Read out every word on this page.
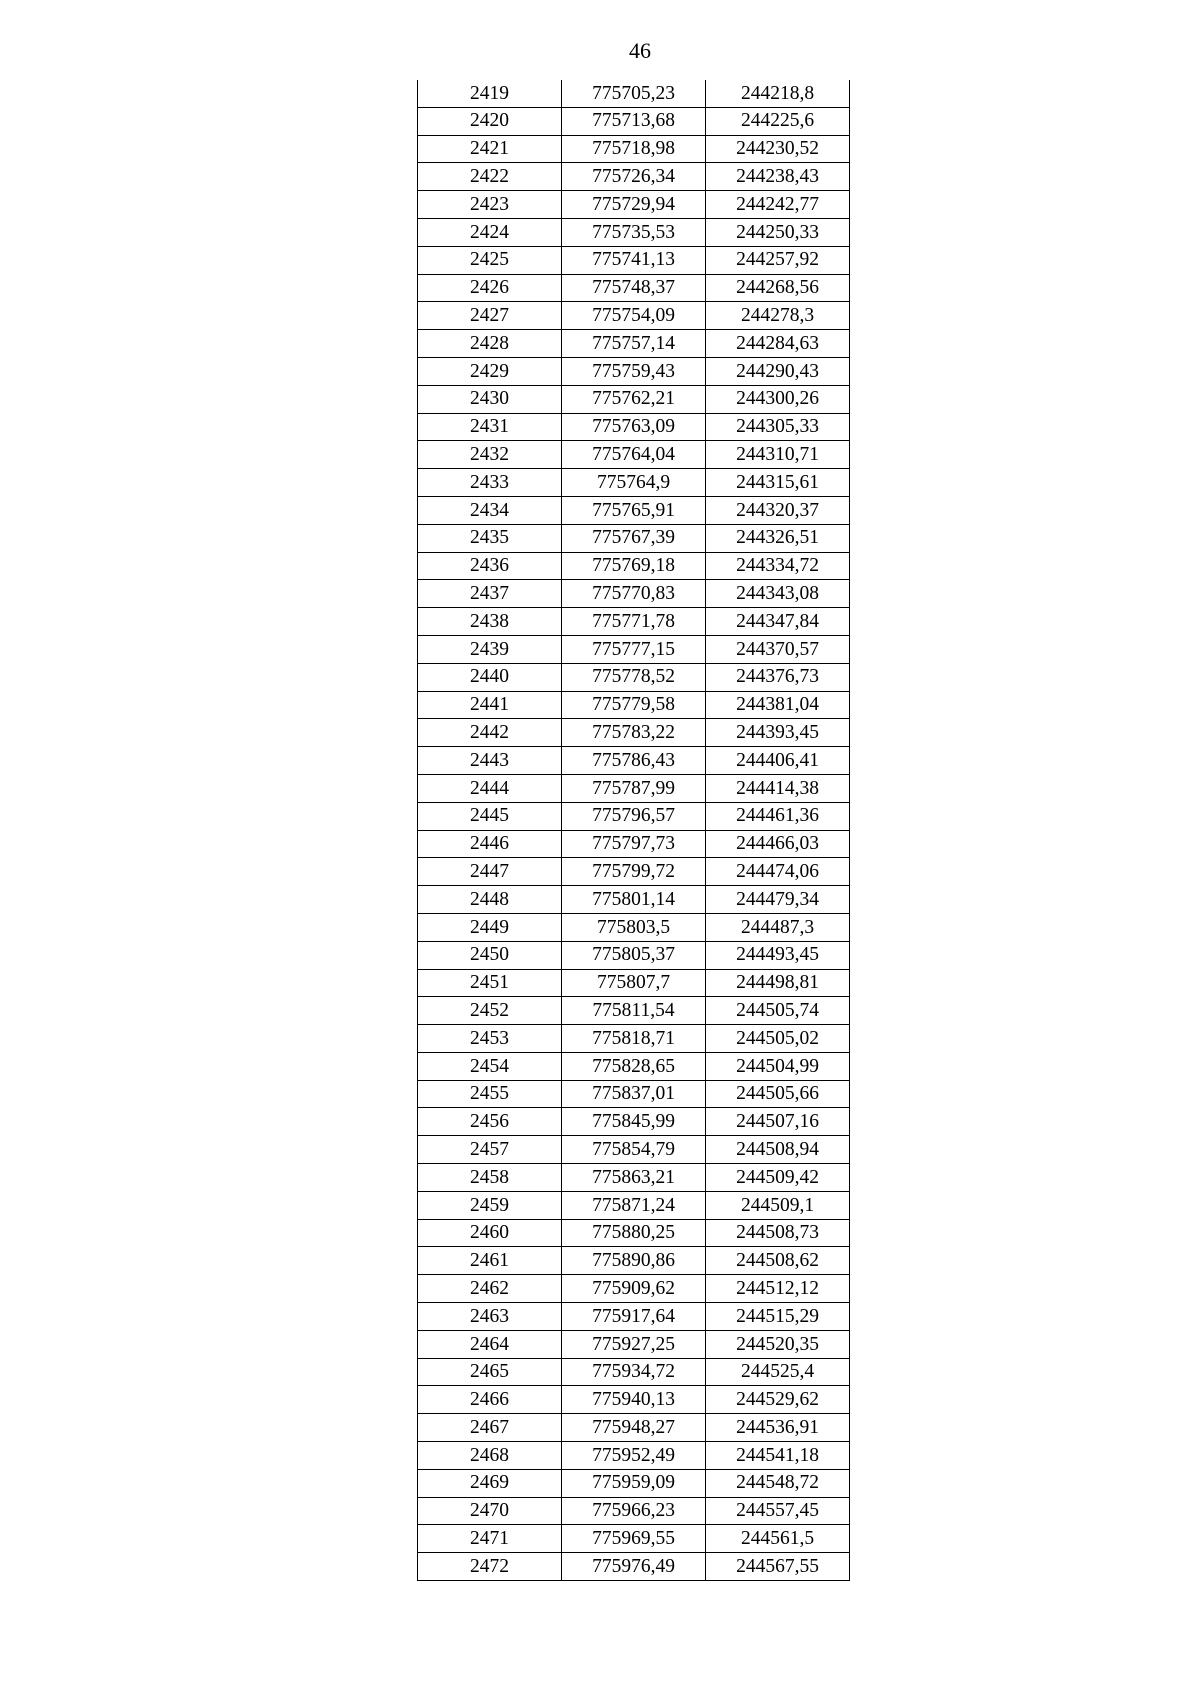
46
2419	775705,23	244218,8
2420	775713,68	244225,6
2421	775718,98	244230,52
2422	775726,34	244238,43
2423	775729,94	244242,77
2424	775735,53	244250,33
2425	775741,13	244257,92
2426	775748,37	244268,56
2427	775754,09	244278,3
2428	775757,14	244284,63
2429	775759,43	244290,43
2430	775762,21	244300,26
2431	775763,09	244305,33
2432	775764,04	244310,71
2433	775764,9	244315,61
2434	775765,91	244320,37
2435	775767,39	244326,51
2436	775769,18	244334,72
2437	775770,83	244343,08
2438	775771,78	244347,84
2439	775777,15	244370,57
2440	775778,52	244376,73
2441	775779,58	244381,04
2442	775783,22	244393,45
2443	775786,43	244406,41
2444	775787,99	244414,38
2445	775796,57	244461,36
2446	775797,73	244466,03
2447	775799,72	244474,06
2448	775801,14	244479,34
2449	775803,5	244487,3
2450	775805,37	244493,45
2451	775807,7	244498,81
2452	775811,54	244505,74
2453	775818,71	244505,02
2454	775828,65	244504,99
2455	775837,01	244505,66
2456	775845,99	244507,16
2457	775854,79	244508,94
2458	775863,21	244509,42
2459	775871,24	244509,1
2460	775880,25	244508,73
2461	775890,86	244508,62
2462	775909,62	244512,12
2463	775917,64	244515,29
2464	775927,25	244520,35
2465	775934,72	244525,4
2466	775940,13	244529,62
2467	775948,27	244536,91
2468	775952,49	244541,18
2469	775959,09	244548,72
2470	775966,23	244557,45
2471	775969,55	244561,5
2472	775976,49	244567,55
